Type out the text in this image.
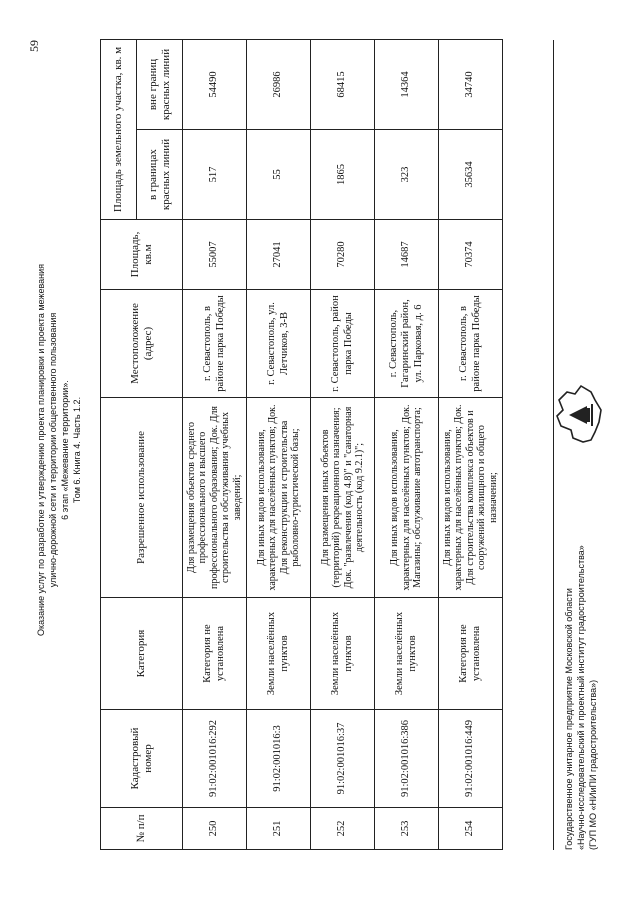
59
Оказание услуг по разработке и утверждению проекта планировки и проекта межевания улично-дорожной сети и территории общественного пользования 6 этап «Межевание территории». Том 6. Книга 4. Часть 1.2.
№ п/п	Кадастровый номер	Категория	Разрешенное использование	Местоположение (адрес)	Площадь, кв.м	Площадь земельного участка, кв. м	
						в границах красных линий	вне границ красных линий
250	91:02:001016:292	Категория не установлена	Для размещения объектов среднего профессионального и высшего профессионального образования; Док. Для строительства и обслуживания учебных заведений;	г. Севастополь, в районе парка Победы	55007	517	54490
251	91:02:001016:3	Земли населённых пунктов	Для иных видов использования, характерных для населённых пунктов; Док. Для реконструкции и строительства рыболовно-туристической базы;	г. Севастополь, ул. Летчиков, 3-В	27041	55	26986
252	91:02:001016:37	Земли населённых пунктов	Для размещения иных объектов (территорий) рекреационного назначения; Док. "развлечения (код 4.8)" и "санаторная деятельность (код 9.2.1)";	г. Севастополь, район парка Победы	70280	1865	68415
253	91:02:001016:386	Земли населённых пунктов	Для иных видов использования, характерных для населённых пунктов; Док. Магазины; обслуживание автотранспорта;	г. Севастополь, Гагаринский район, ул. Парковая, д. 6	14687	323	14364
254	91:02:001016:449	Категория не установлена	Для иных видов использования, характерных для населённых пунктов; Док. Для строительства комплекса объектов и сооружений жилищного и общего назначения;	г. Севастополь, в районе парка Победы	70374	35634	34740
Государственное унитарное предприятие Московской области «Научно-исследовательский и проектный институт градостроительства» (ГУП МО «НИиПИ градостроительства»)
